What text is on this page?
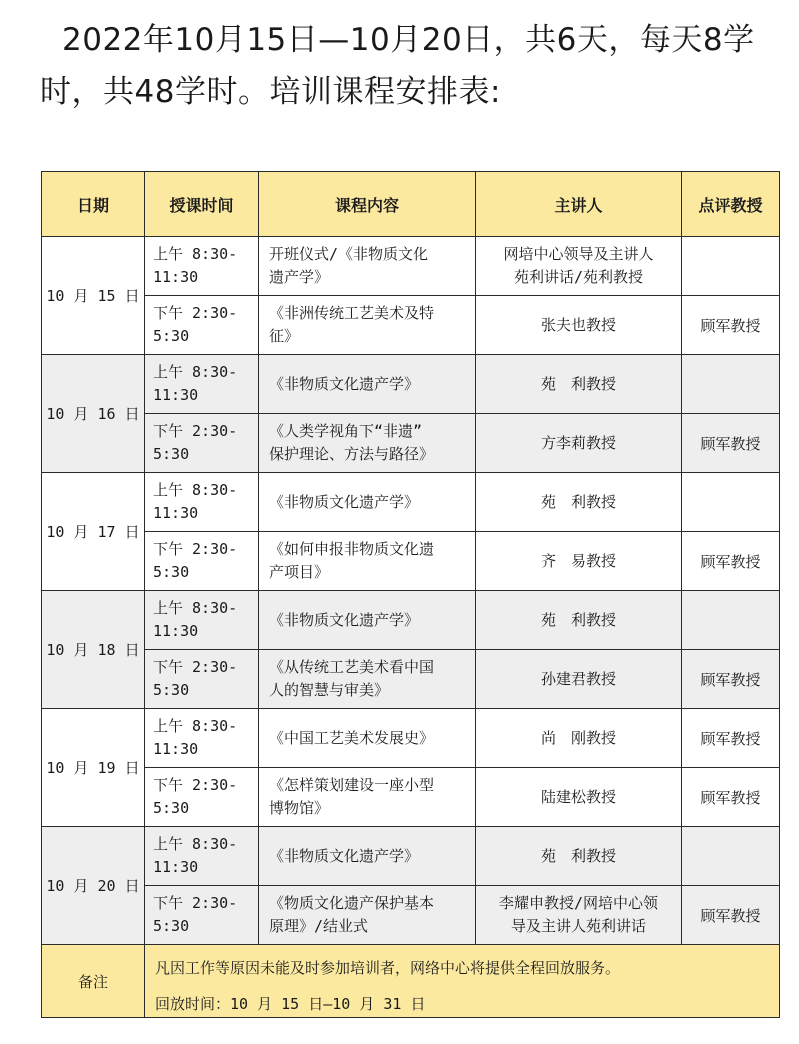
2022年10月15日—10月20日，共6天，每天8学

时，共48学时。培训课程安排表:
日期	授课时间	课程内容	主讲人	点评教授
10 月 15 日	上午 8:30-
11:30	开班仪式/《非物质文化
遗产学》	网培中心领导及主讲人
苑利讲话/苑利教授	

	下午 2:30-
5:30	《非洲传统工艺美术及特
征》	张夫也教授	顾军教授

10 月 16 日	上午 8:30-
11:30	《非物质文化遗产学》	苑　利教授	

	下午 2:30-
5:30	《人类学视角下“非遗”
保护理论、方法与路径》	方李莉教授	顾军教授

10 月 17 日	上午 8:30-
11:30	《非物质文化遗产学》	苑　利教授	

	下午 2:30-
5:30	《如何申报非物质文化遗
产项目》	齐　易教授	顾军教授

10 月 18 日	上午 8:30-
11:30	《非物质文化遗产学》	苑　利教授	

	下午 2:30-
5:30	《从传统工艺美术看中国
人的智慧与审美》	孙建君教授	顾军教授

10 月 19 日	上午 8:30-
11:30	《中国工艺美术发展史》	尚　刚教授	顾军教授

	下午 2:30-
5:30	《怎样策划建设一座小型
博物馆》	陆建松教授	顾军教授

10 月 20 日	上午 8:30-
11:30	《非物质文化遗产学》	苑　利教授	

	下午 2:30-
5:30	《物质文化遗产保护基本
原理》/结业式	李耀申教授/网培中心领
导及主讲人苑利讲话	顾军教授

备注	凡因工作等原因未能及时参加培训者，网络中心将提供全程回放服务。
回放时间：10 月 15 日—10 月 31 日			
